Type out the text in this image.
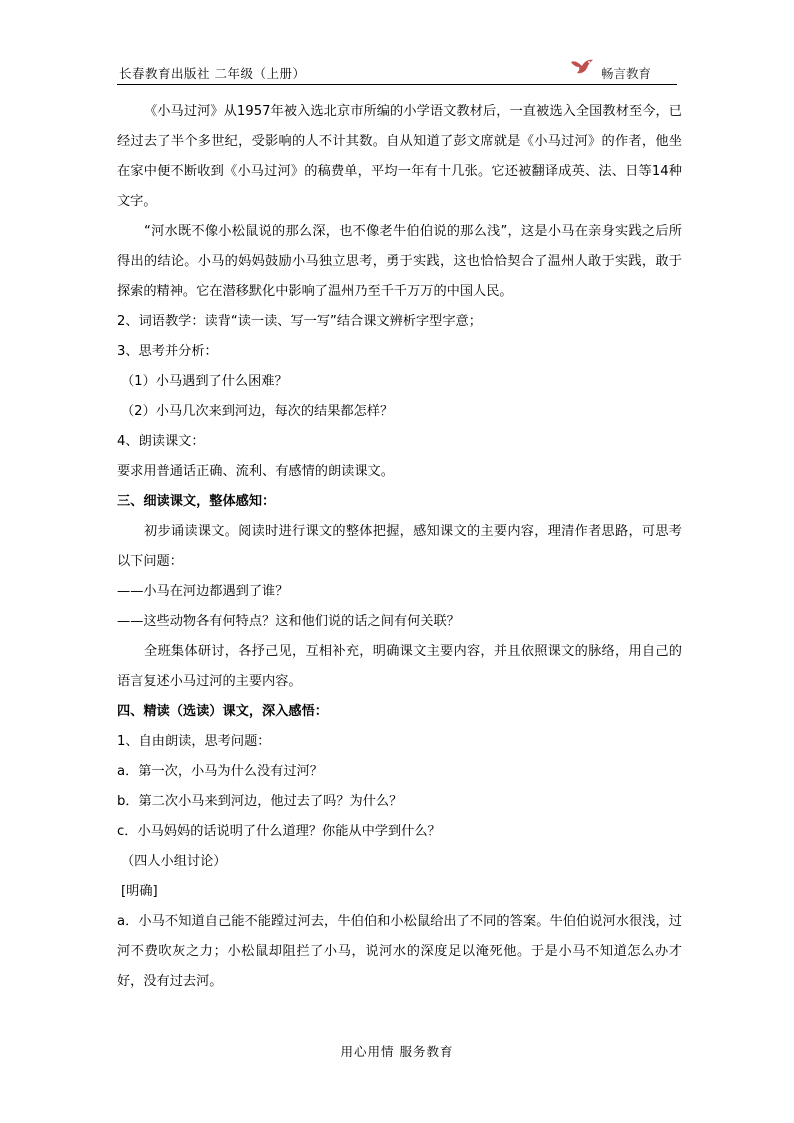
长春教育出版社 二年级（上册）	畅言教育

《小马过河》从1957年被入选北京市所编的小学语文教材后，一直被选入全国教材至今，已经过去了半个多世纪，受影响的人不计其数。自从知道了彭文席就是《小马过河》的作者，他坐在家中便不断收到《小马过河》的稿费单，平均一年有十几张。它还被翻译成英、法、日等14种文字。

“河水既不像小松鼠说的那么深，也不像老牛伯伯说的那么浅”，这是小马在亲身实践之后所得出的结论。小马的妈妈鼓励小马独立思考，勇于实践，这也恰恰契合了温州人敢于实践，敢于探索的精神。它在潜移默化中影响了温州乃至千千万万的中国人民。

2、词语教学：读背“读一读、写一写”结合课文辨析字型字意；

3、思考并分析：

（1）小马遇到了什么困难？

（2）小马几次来到河边，每次的结果都怎样？

4、朗读课文：

要求用普通话正确、流利、有感情的朗读课文。

三、细读课文，整体感知：

初步诵读课文。阅读时进行课文的整体把握，感知课文的主要内容，理清作者思路，可思考以下问题：

——小马在河边都遇到了谁？

——这些动物各有何特点？这和他们说的话之间有何关联？

全班集体研讨，各抒己见，互相补充，明确课文主要内容，并且依照课文的脉络，用自己的语言复述小马过河的主要内容。

四、精读（选读）课文，深入感悟：

1、自由朗读，思考问题：

a．第一次，小马为什么没有过河？

b．第二次小马来到河边，他过去了吗？为什么？

c．小马妈妈的话说明了什么道理？你能从中学到什么？

（四人小组讨论）

[明确]

a．小马不知道自己能不能蹚过河去，牛伯伯和小松鼠给出了不同的答案。牛伯伯说河水很浅，过河不费吹灰之力；小松鼠却阻拦了小马，说河水的深度足以淹死他。于是小马不知道怎么办才好，没有过去河。

用心用情 服务教育
